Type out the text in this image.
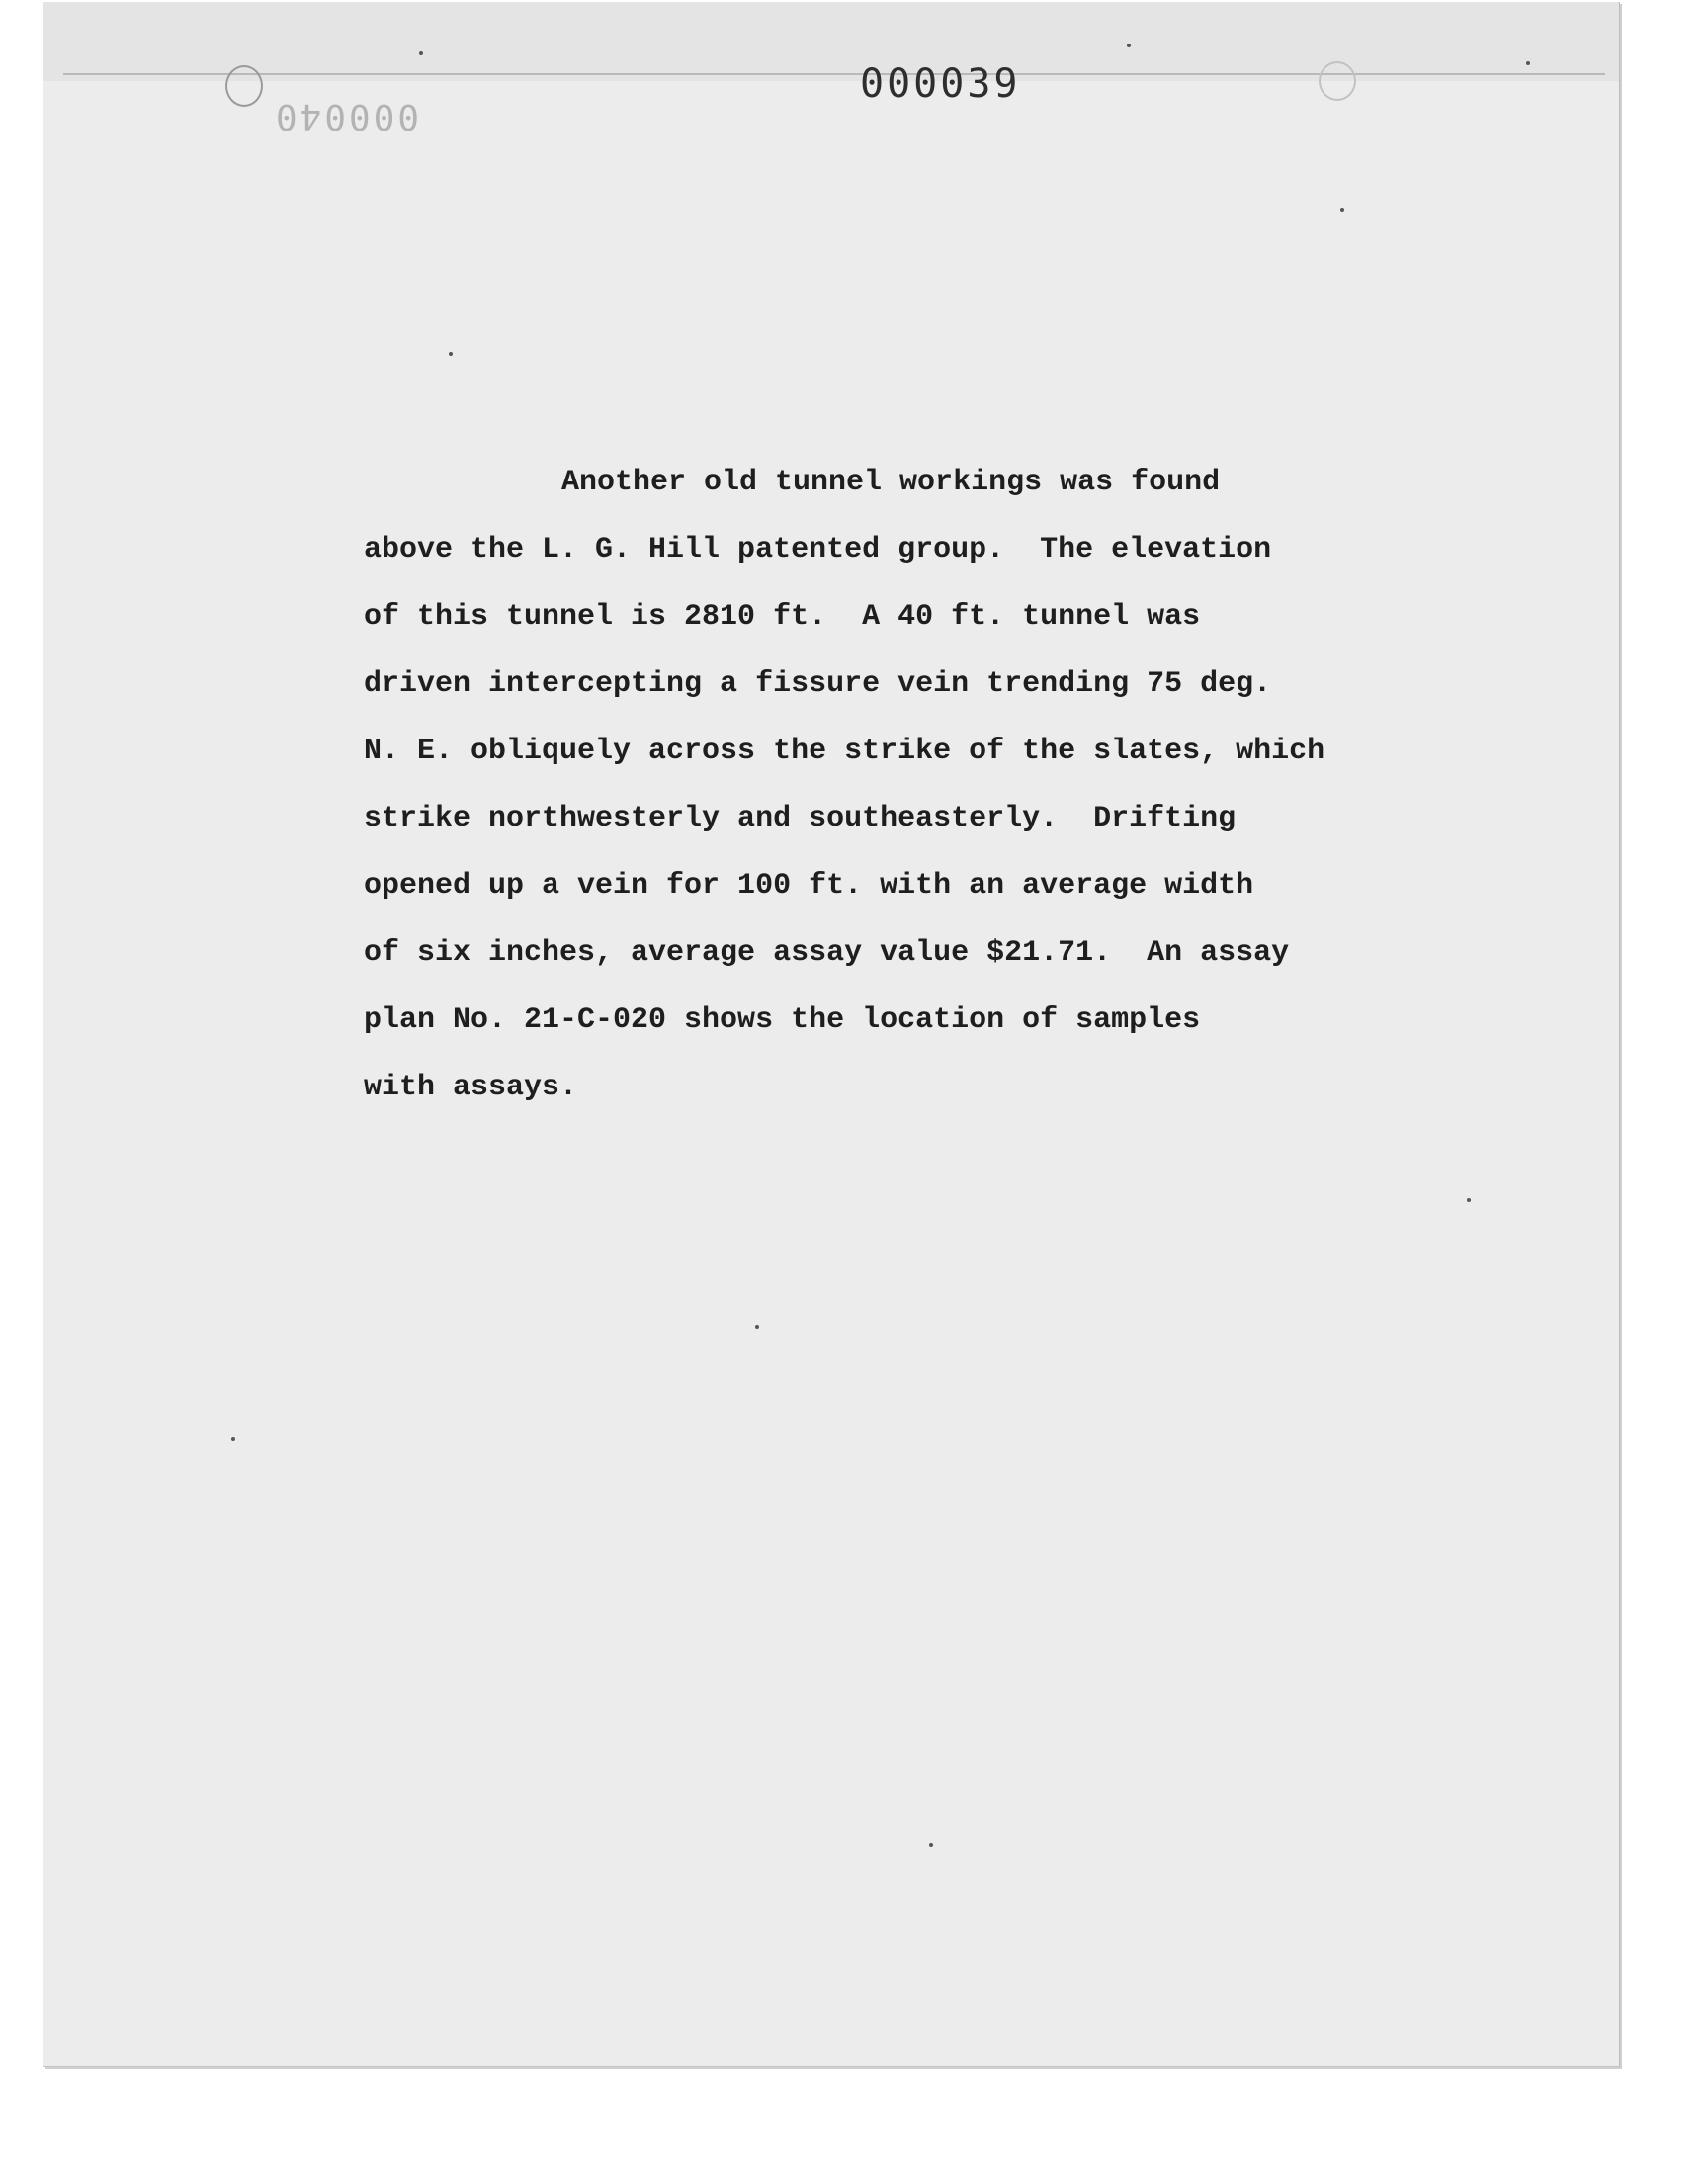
000039
000040

Another old tunnel workings was found
above the L. G. Hill patented group.  The elevation
of this tunnel is 2810 ft.  A 40 ft. tunnel was
driven intercepting a fissure vein trending 75 deg.
N. E. obliquely across the strike of the slates, which
strike northwesterly and southeasterly.  Drifting
opened up a vein for 100 ft. with an average width
of six inches, average assay value $21.71.  An assay
plan No. 21-C-020 shows the location of samples
with assays.
